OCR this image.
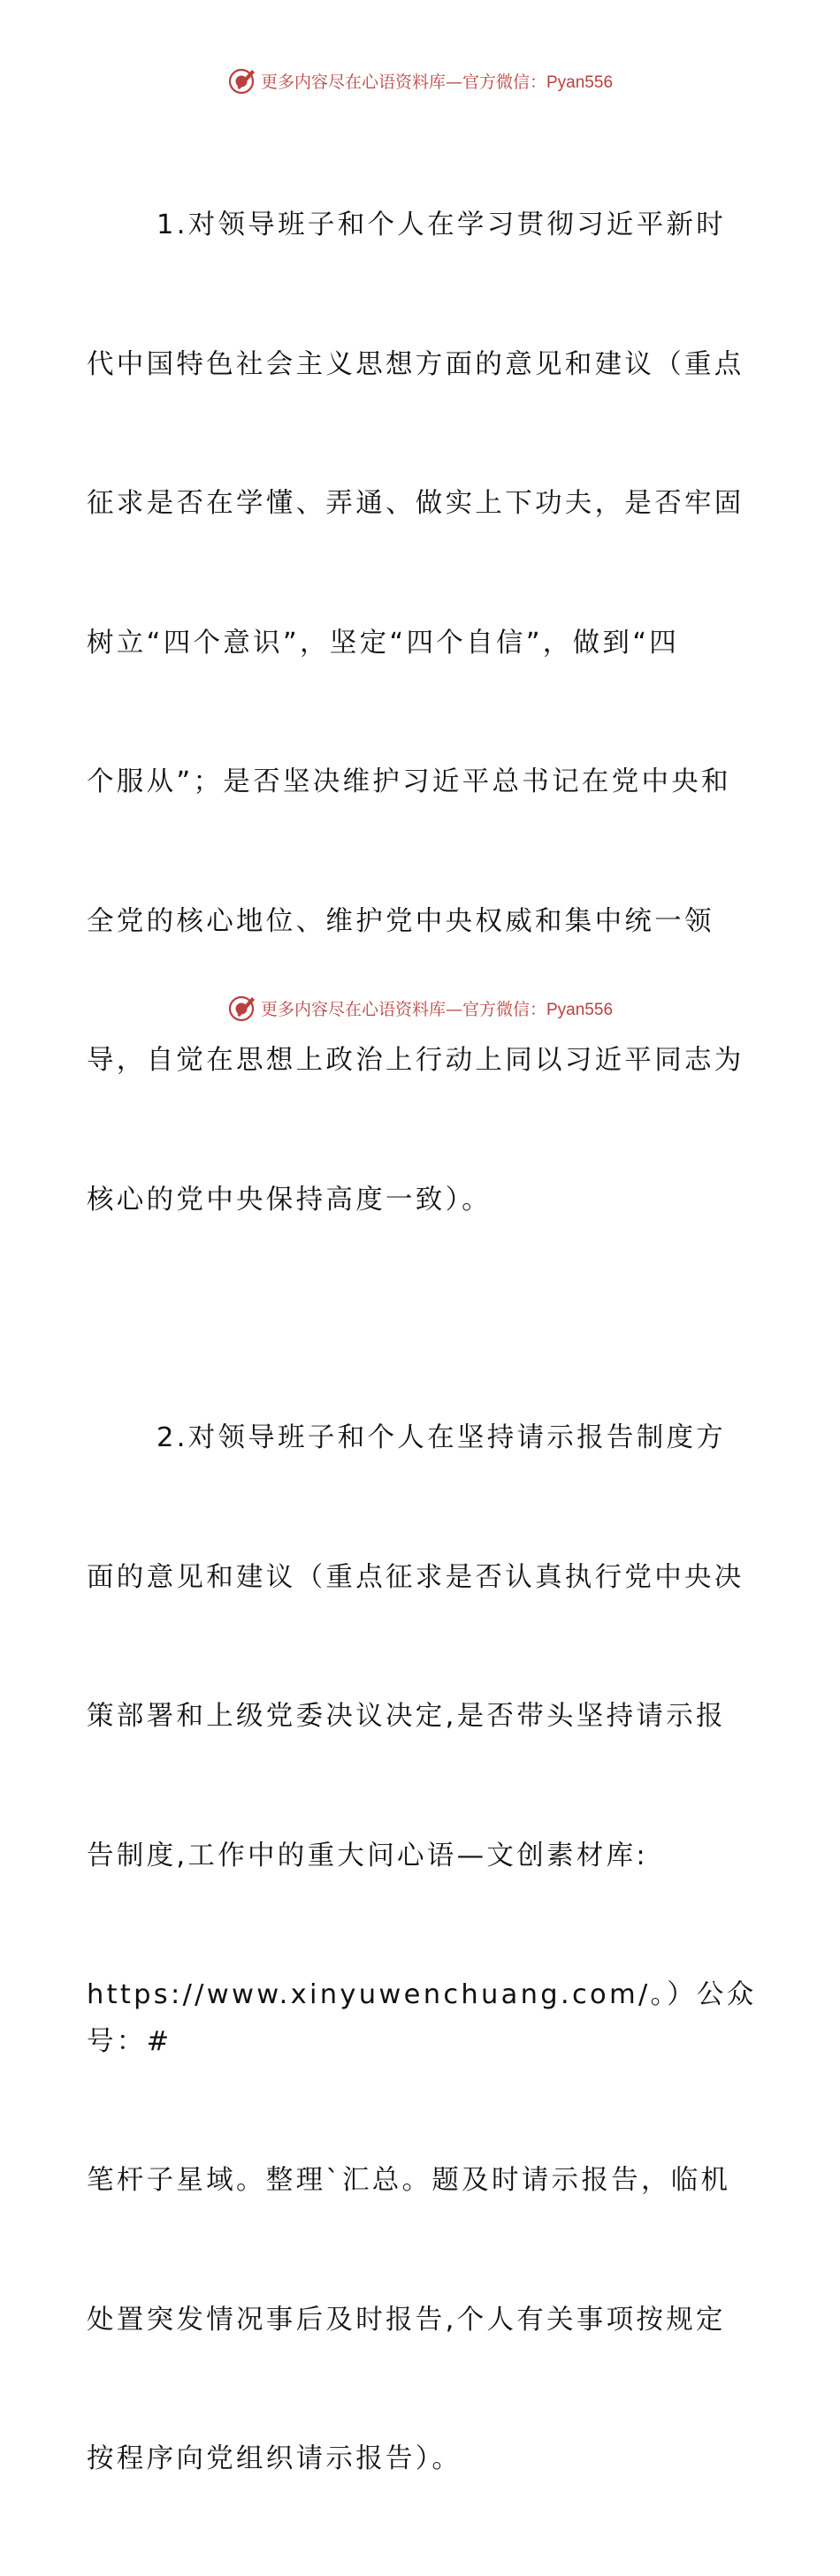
更多内容尽在心语资料库—官方微信：Pyan556

1.对领导班子和个人在学习贯彻习近平新时

代中国特色社会主义思想方面的意见和建议（重点

征求是否在学懂、弄通、做实上下功夫，是否牢固

树立“四个意识”，坚定“四个自信”，做到“四

个服从”；是否坚决维护习近平总书记在党中央和

全党的核心地位、维护党中央权威和集中统一领

导，自觉在思想上政治上行动上同以习近平同志为

核心的党中央保持高度一致）。

2.对领导班子和个人在坚持请示报告制度方

面的意见和建议（重点征求是否认真执行党中央决

策部署和上级党委决议决定,是否带头坚持请示报

告制度,工作中的重大问心语—文创素材库:

https://www.xinyuwenchuang.com/。）公众号：#

笔杆子星域。整理`汇总。题及时请示报告，临机

处置突发情况事后及时报告,个人有关事项按规定

按程序向党组织请示报告）。

更多内容尽在心语资料库—官方微信：Pyan556
